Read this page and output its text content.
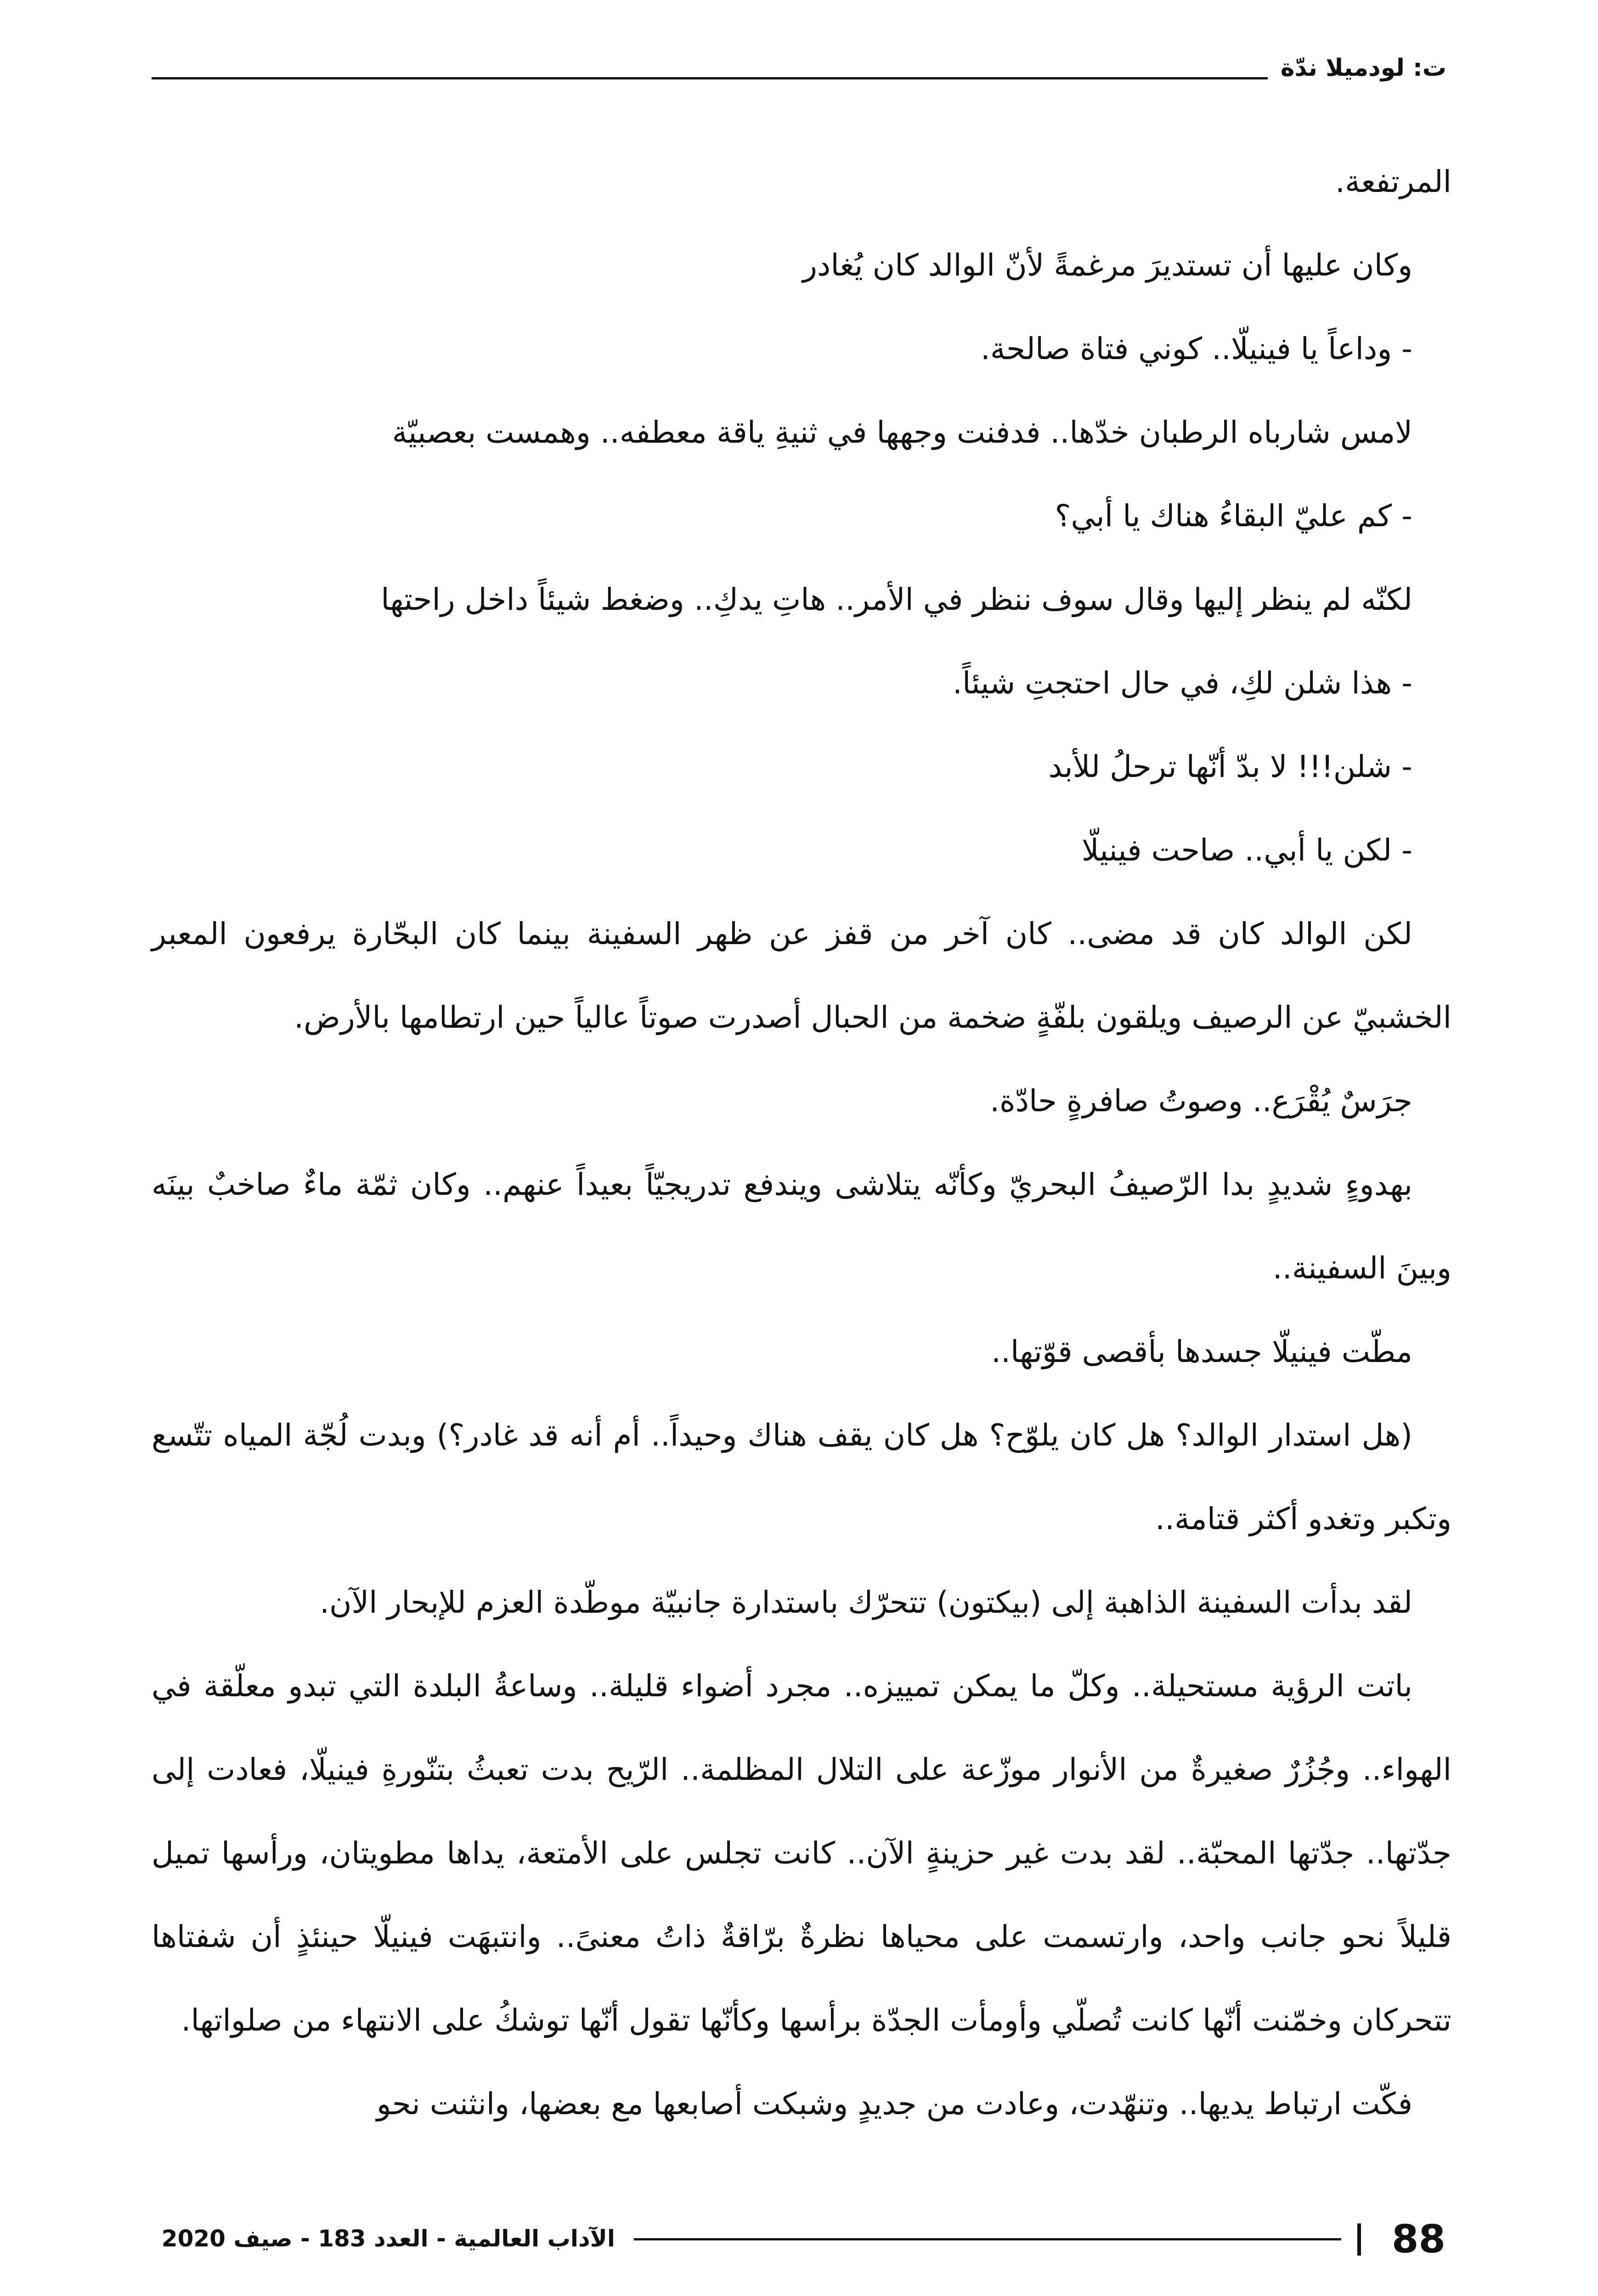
ت: لودميلا ندّة

المرتفعة.

وكان عليها أن تستديرَ مرغمةً لأنّ الوالد كان يُغادر

- وداعاً يا فينيلّا.. كوني فتاة صالحة.

لامس شارباه الرطبان خدّها.. فدفنت وجهها في ثنيةِ ياقة معطفه.. وهمست بعصبيّة

- كم عليّ البقاءُ هناك يا أبي؟

لكنّه لم ينظر إليها وقال سوف ننظر في الأمر.. هاتِ يدكِ.. وضغط شيئاً داخل راحتها

- هذا شلن لكِ، في حال احتجتِ شيئاً.

- شلن!!! لا بدّ أنّها ترحلُ للأبد

- لكن يا أبي.. صاحت فينيلّا

لكن الوالد كان قد مضى.. كان آخر من قفز عن ظهر السفينة بينما كان البحّارة يرفعون المعبر الخشبيّ عن الرصيف ويلقون بلفّةٍ ضخمة من الحبال أصدرت صوتاً عالياً حين ارتطامها بالأرض.

جرَسٌ يُقْرَع.. وصوتُ صافرةٍ حادّة.

بهدوءٍ شديدٍ بدا الرّصيفُ البحريّ وكأنّه يتلاشى ويندفع تدريجيّاً بعيداً عنهم.. وكان ثمّة ماءٌ صاخبٌ بينَه وبينَ السفينة..

مطّت فينيلّا جسدها بأقصى قوّتها..

(هل استدار الوالد؟ هل كان يلوّح؟ هل كان يقف هناك وحيداً.. أم أنه قد غادر؟) وبدت لُجّة المياه تتّسع وتكبر وتغدو أكثر قتامة..

لقد بدأت السفينة الذاهبة إلى (بيكتون) تتحرّك باستدارة جانبيّة موطّدة العزم للإبحار الآن.

باتت الرؤية مستحيلة.. وكلّ ما يمكن تمييزه.. مجرد أضواء قليلة.. وساعةُ البلدة التي تبدو معلّقة في الهواء.. وجُزُرٌ صغيرةٌ من الأنوار موزّعة على التلال المظلمة.. الرّيح بدت تعبثُ بتنّورةِ فينيلّا، فعادت إلى جدّتها.. جدّتها المحبّة.. لقد بدت غير حزينةٍ الآن.. كانت تجلس على الأمتعة، يداها مطويتان، ورأسها تميل قليلاً نحو جانب واحد، وارتسمت على محياها نظرةٌ برّاقةٌ ذاتُ معنىً.. وانتبهَت فينيلّا حينئذٍ أن شفتاها تتحركان وخمّنت أنّها كانت تُصلّي وأومأت الجدّة برأسها وكأنّها تقول أنّها توشكُ على الانتهاء من صلواتها.

فكّت ارتباط يديها.. وتنهّدت، وعادت من جديدٍ وشبكت أصابعها مع بعضها، وانثنت نحو

88
الآداب العالمية - العدد 183 - صيف 2020
